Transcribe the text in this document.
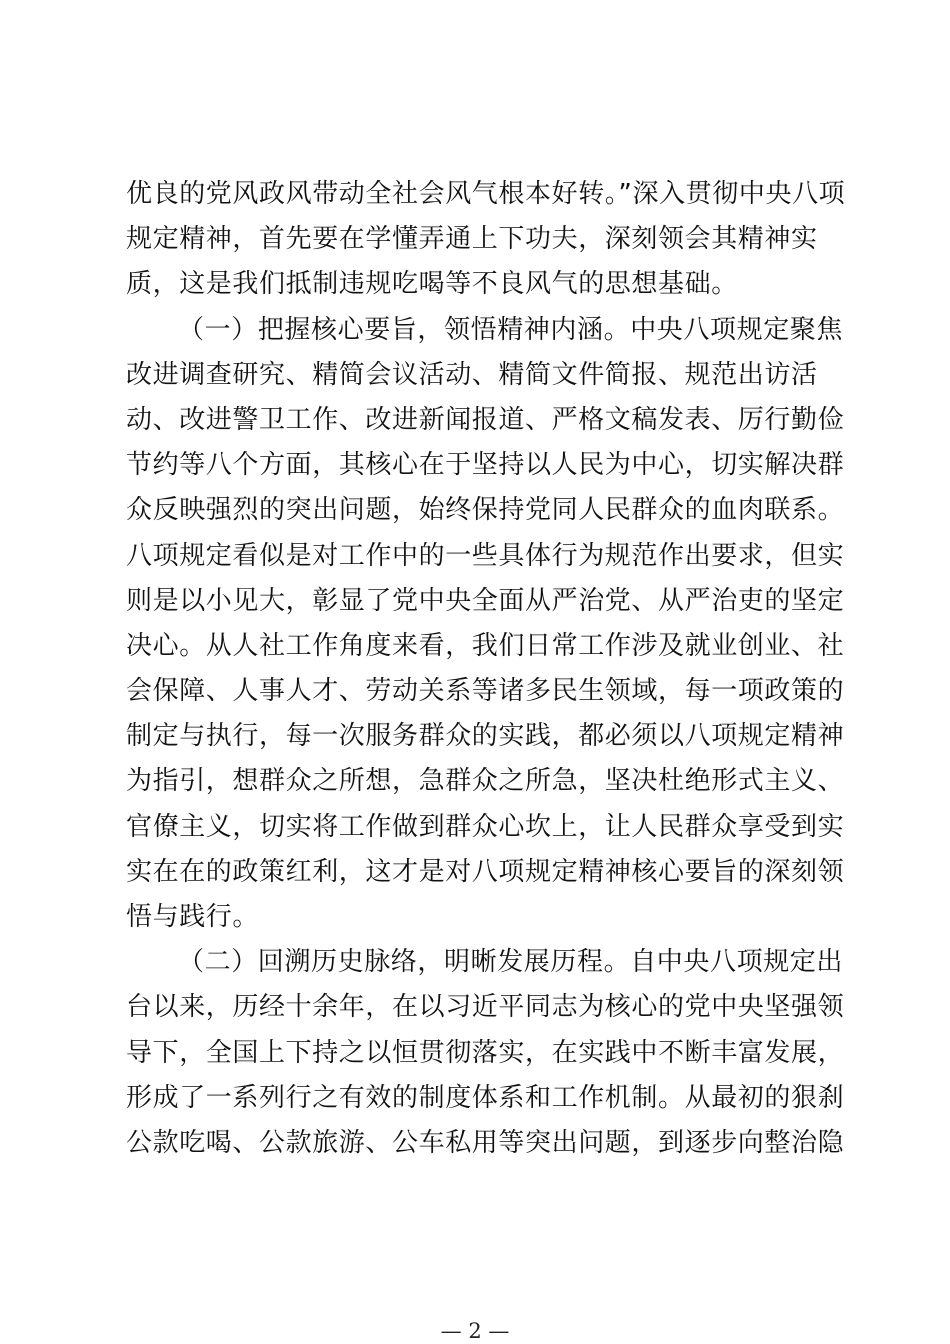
优良的党风政风带动全社会风气根本好转。”深入贯彻中央八项
规定精神，首先要在学懂弄通上下功夫，深刻领会其精神实
质，这是我们抵制违规吃喝等不良风气的思想基础。
（一）把握核心要旨，领悟精神内涵。中央八项规定聚焦
改进调查研究、精简会议活动、精简文件简报、规范出访活
动、改进警卫工作、改进新闻报道、严格文稿发表、厉行勤俭
节约等八个方面，其核心在于坚持以人民为中心，切实解决群
众反映强烈的突出问题，始终保持党同人民群众的血肉联系。
八项规定看似是对工作中的一些具体行为规范作出要求，但实
则是以小见大，彰显了党中央全面从严治党、从严治吏的坚定
决心。从人社工作角度来看，我们日常工作涉及就业创业、社
会保障、人事人才、劳动关系等诸多民生领域，每一项政策的
制定与执行，每一次服务群众的实践，都必须以八项规定精神
为指引，想群众之所想，急群众之所急，坚决杜绝形式主义、
官僚主义，切实将工作做到群众心坎上，让人民群众享受到实
实在在的政策红利，这才是对八项规定精神核心要旨的深刻领
悟与践行。
（二）回溯历史脉络，明晰发展历程。自中央八项规定出
台以来，历经十余年，在以习近平同志为核心的党中央坚强领
导下，全国上下持之以恒贯彻落实，在实践中不断丰富发展，
形成了一系列行之有效的制度体系和工作机制。从最初的狠刹
公款吃喝、公款旅游、公车私用等突出问题，到逐步向整治隐
— 2 —
